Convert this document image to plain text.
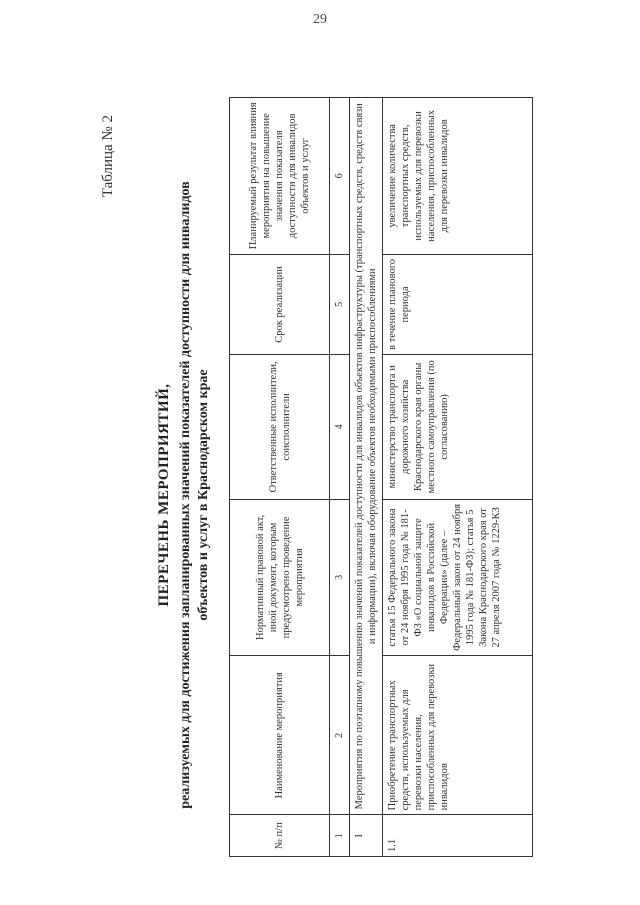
29
Таблица № 2
ПЕРЕЧЕНЬ МЕРОПРИЯТИЙ, реализуемых для достижения запланированных значений показателей доступности для инвалидов объектов и услуг в Краснодарском крае
№ п/п	Наименование мероприятия	Нормативный правовой акт, иной документ, которым предусмотрено проведение мероприятия	Ответственные исполнители, соисполнители	Срок реализации	Планируемый результат влияния мероприятия на повышение значения показателя доступности для инвалидов объектов и услуг
1	2	3	4	5	6
I	Мероприятия по поэтапному повышению значений показателей доступности для инвалидов объектов инфраструктуры (транспортных средств, средств связи и информации), включая оборудование объектов необходимыми приспособлениями				
1.1	Приобретение транспортных средств, используемых для перевозки населения, приспособленных для перевозки инвалидов	статья 15 Федерального закона от 24 ноября 1995 года № 181-ФЗ «О социальной защите инвалидов в Российской Федерации» (далее – Федеральный закон от 24 ноября 1995 года № 181-ФЗ); статья 5 Закона Краснодарского края от 27 апреля 2007 года № 1229-КЗ	министерство транспорта и дорожного хозяйства Краснодарского края органы местного самоуправления (по согласованию)	в течение планового периода	увеличение количества транспортных средств, используемых для перевозки населения, приспособленных для перевозки инвалидов
